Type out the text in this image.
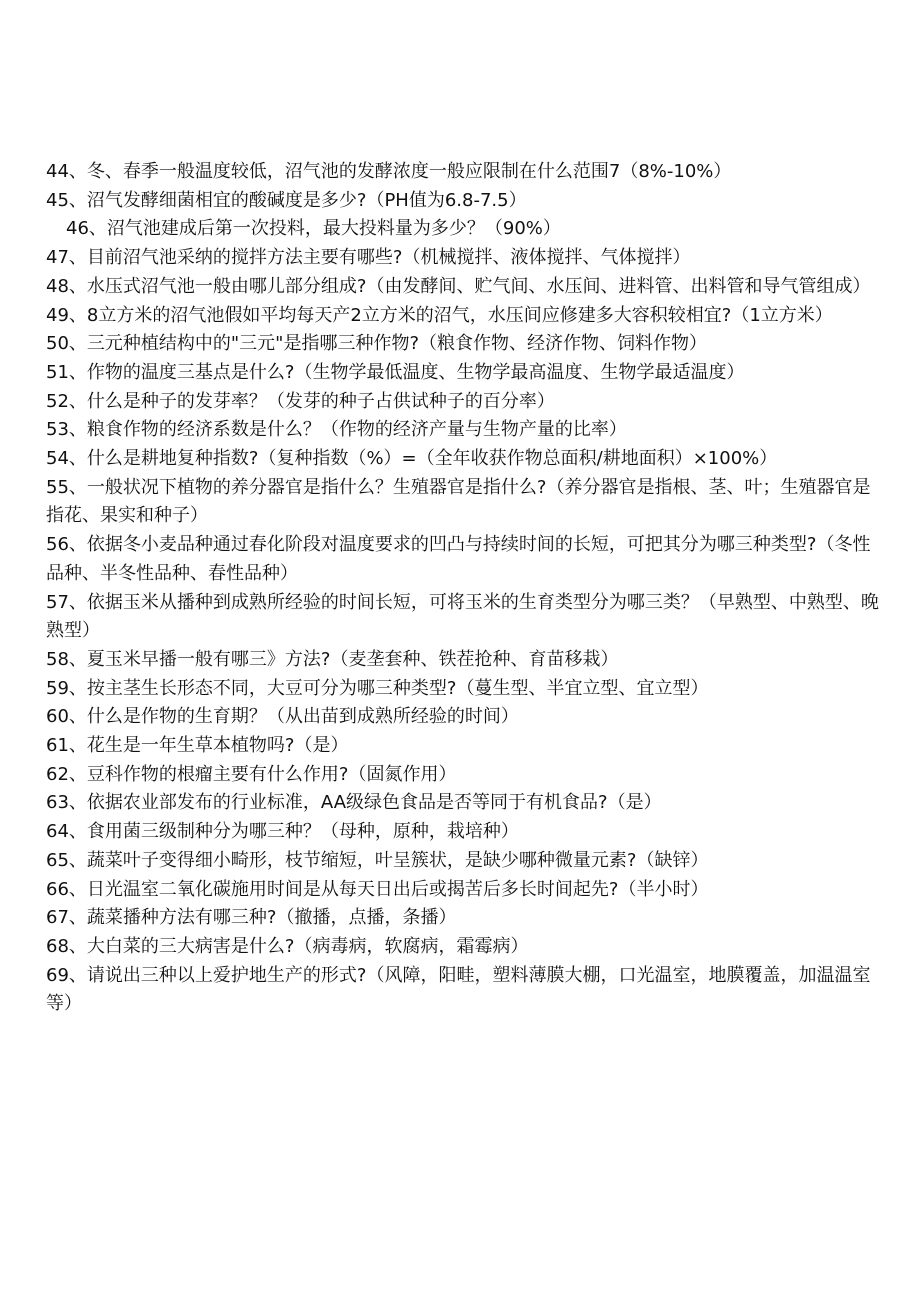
44、冬、春季一般温度较低，沼气池的发酵浓度一般应限制在什么范围7（8%-10%）

45、沼气发酵细菌相宜的酸碱度是多少?（PH值为6.8-7.5）

46、沼气池建成后第一次投料，最大投料量为多少？（90%）

47、目前沼气池采纳的搅拌方法主要有哪些?（机械搅拌、液体搅拌、气体搅拌）

48、水压式沼气池一般由哪儿部分组成?（由发酵间、贮气间、水压间、进料管、出料管和导气管组成）

49、8立方米的沼气池假如平均每天产2立方米的沼气，水压间应修建多大容积较相宜?（1立方米）

50、三元种植结构中的"三元"是指哪三种作物?（粮食作物、经济作物、饲料作物）

51、作物的温度三基点是什么?（生物学最低温度、生物学最高温度、生物学最适温度）

52、什么是种子的发芽率？（发芽的种子占供试种子的百分率）

53、粮食作物的经济系数是什么？（作物的经济产量与生物产量的比率）

54、什么是耕地复种指数?（复种指数（%）=（全年收获作物总面积/耕地面积）×100%）

55、一般状况下植物的养分器官是指什么？生殖器官是指什么?（养分器官是指根、茎、叶；生殖器官是指花、果实和种子）

56、依据冬小麦品种通过春化阶段对温度要求的凹凸与持续时间的长短，可把其分为哪三种类型?（冬性品种、半冬性品种、春性品种）

57、依据玉米从播种到成熟所经验的时间长短，可将玉米的生育类型分为哪三类？（早熟型、中熟型、晚熟型）

58、夏玉米早播一般有哪三》方法?（麦垄套种、铁茬抢种、育苗移栽）

59、按主茎生长形态不同，大豆可分为哪三种类型?（蔓生型、半宜立型、宜立型）

60、什么是作物的生育期？（从出苗到成熟所经验的时间）

61、花生是一年生草本植物吗?（是）

62、豆科作物的根瘤主要有什么作用?（固氮作用）

63、依据农业部发布的行业标准，AA级绿色食品是否等同于有机食品?（是）

64、食用菌三级制种分为哪三种？（母种，原种，栽培种）

65、蔬菜叶子变得细小畸形，枝节缩短，叶呈簇状，是缺少哪种微量元素?（缺锌）

66、日光温室二氧化碳施用时间是从每天日出后或揭苦后多长时间起先?（半小时）

67、蔬菜播种方法有哪三种?（撤播，点播，条播）

68、大白菜的三大病害是什么?（病毒病，软腐病，霜霉病）

69、请说出三种以上爱护地生产的形式?（风障，阳畦，塑料薄膜大棚，口光温室，地膜覆盖，加温温室等）
